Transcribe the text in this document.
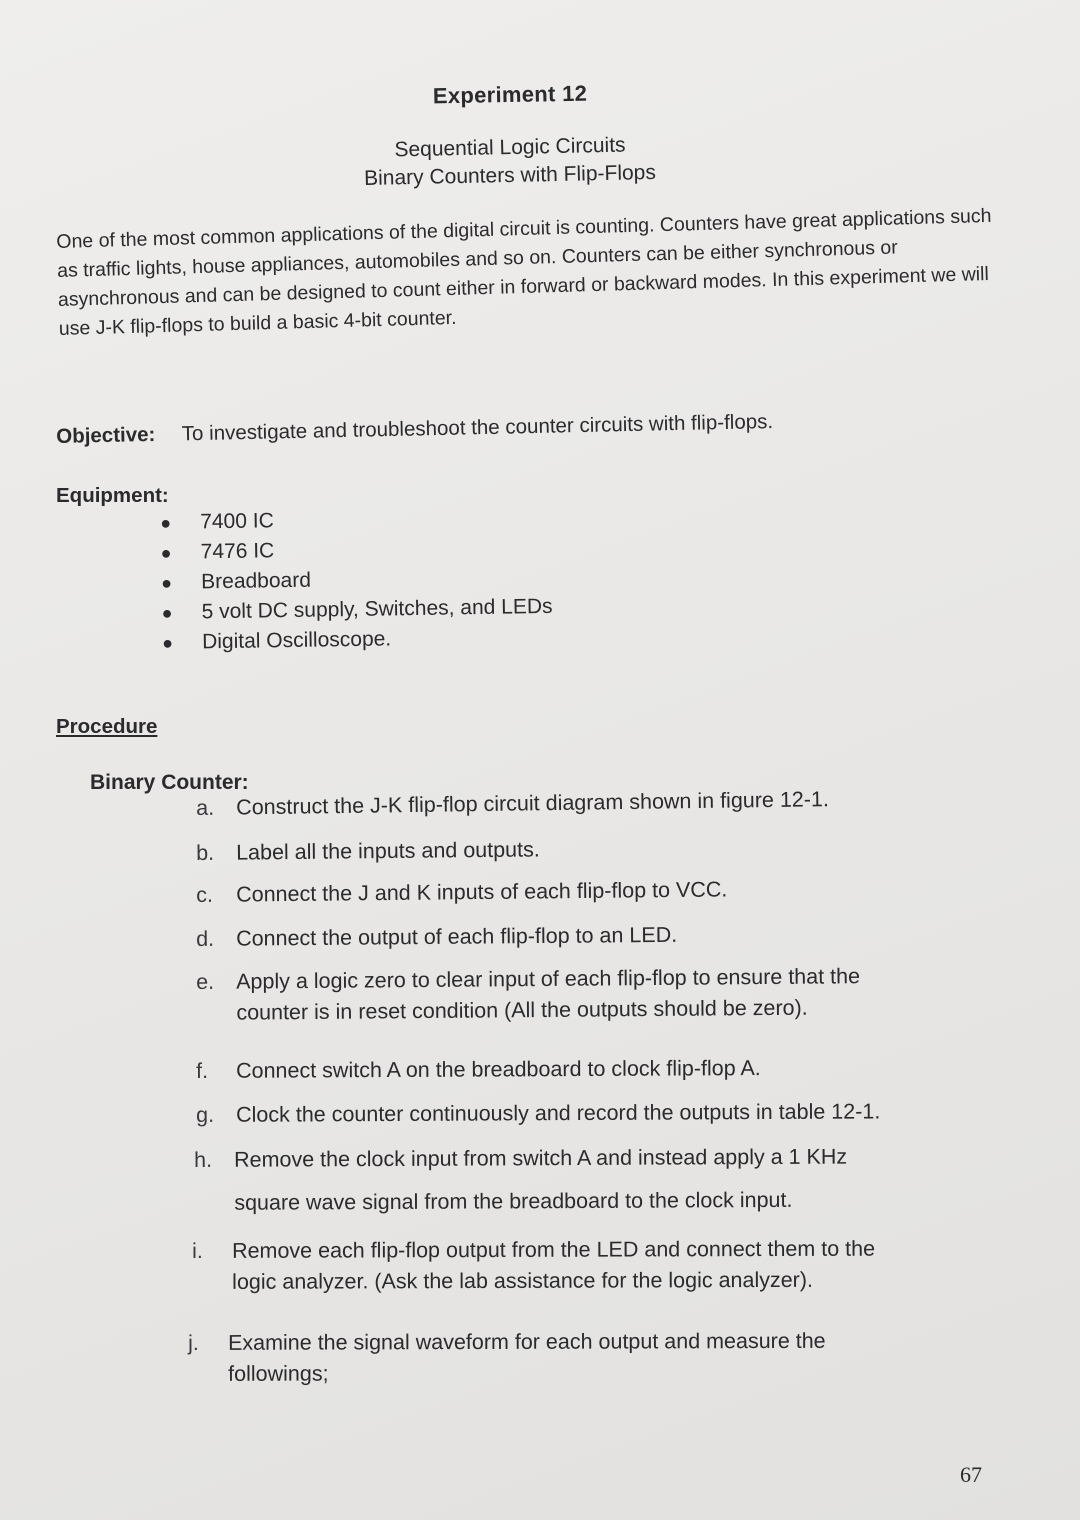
Experiment 12
Sequential Logic Circuits
Binary Counters with Flip-Flops
One of the most common applications of the digital circuit is counting. Counters have great applications such as traffic lights, house appliances, automobiles and so on. Counters can be either synchronous or asynchronous and can be designed to count either in forward or backward modes. In this experiment we will use J-K flip-flops to build a basic 4-bit counter.
Objective: To investigate and troubleshoot the counter circuits with flip-flops.
Equipment:
●	7400 IC
●	7476 IC
●	Breadboard
●	5 volt DC supply, Switches, and LEDs
●	Digital Oscilloscope.
Procedure
Binary Counter:
a. Construct the J-K flip-flop circuit diagram shown in figure 12-1.
b. Label all the inputs and outputs.
c. Connect the J and K inputs of each flip-flop to VCC.
d. Connect the output of each flip-flop to an LED.
e. Apply a logic zero to clear input of each flip-flop to ensure that the
counter is in reset condition (All the outputs should be zero).
f. Connect switch A on the breadboard to clock flip-flop A.
g. Clock the counter continuously and record the outputs in table 12-1.
h. Remove the clock input from switch A and instead apply a 1 KHz
square wave signal from the breadboard to the clock input.
i. Remove each flip-flop output from the LED and connect them to the
logic analyzer. (Ask the lab assistance for the logic analyzer).
j. Examine the signal waveform for each output and measure the
followings;
67
